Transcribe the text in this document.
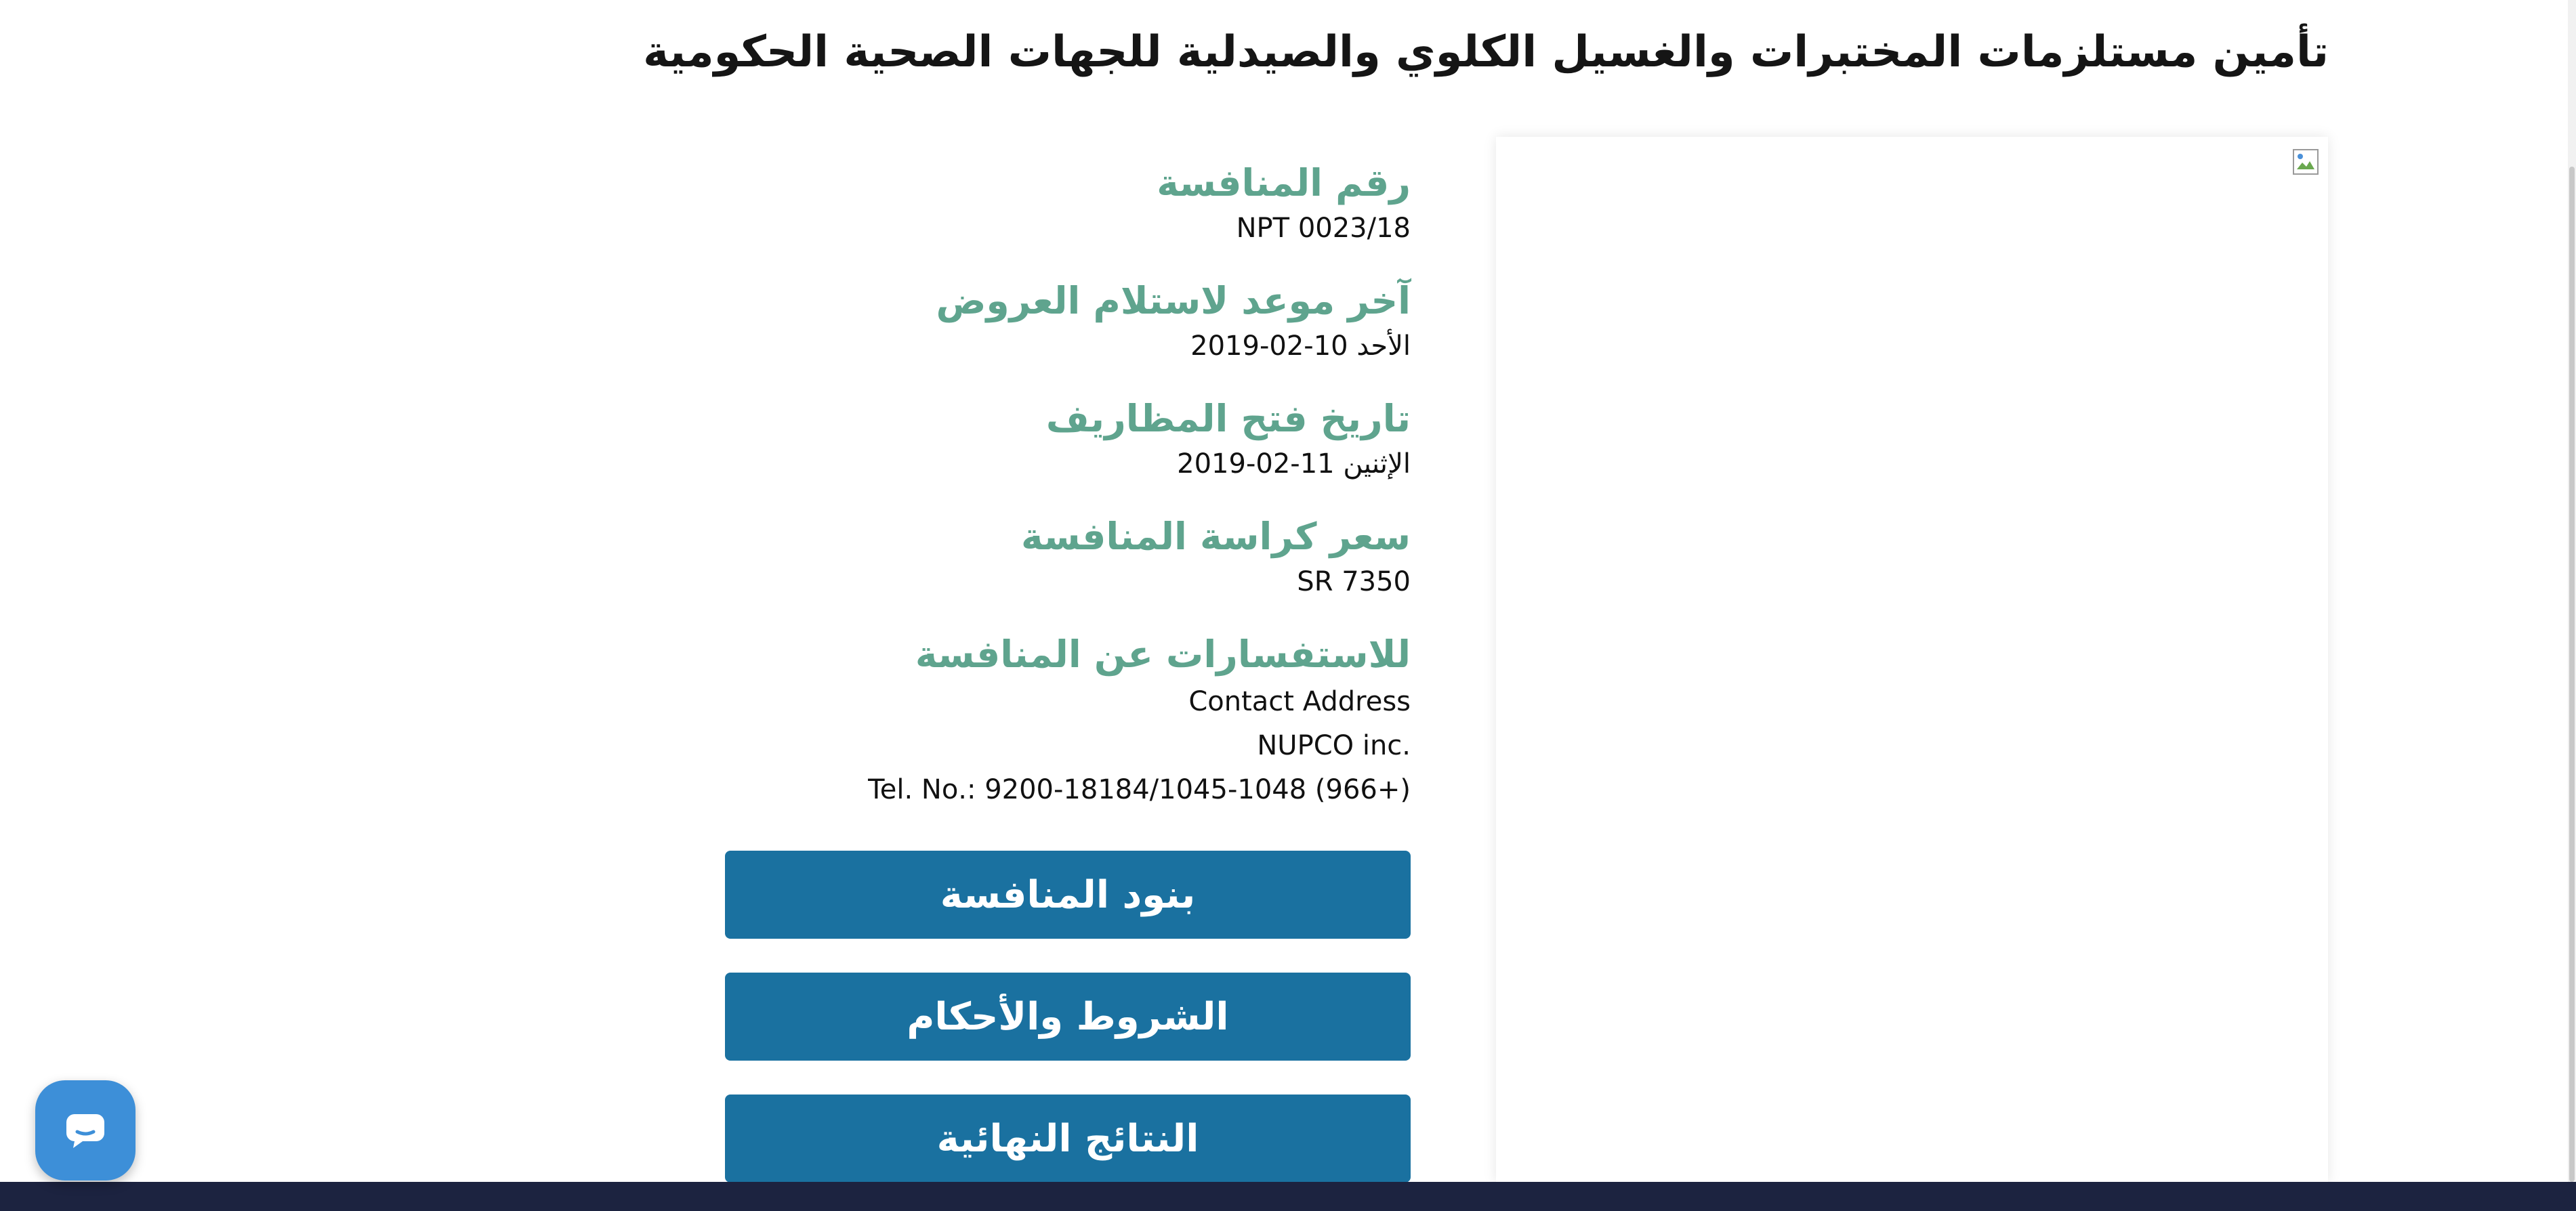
تأمين مستلزمات المختبرات والغسيل الكلوي والصيدلية للجهات الصحية الحكومية
رقم المنافسة
NPT 0023/18
آخر موعد لاستلام العروض
الأحد 10-02-2019
تاريخ فتح المظاريف
الإثنين 11-02-2019
سعر كراسة المنافسة
SR 7350
للاستفسارات عن المنافسة
Contact Address
.NUPCO inc
(+966) 9200-18184/1045-1048 :.Tel. No
بنود المنافسة
الشروط والأحكام
النتائج النهائية
